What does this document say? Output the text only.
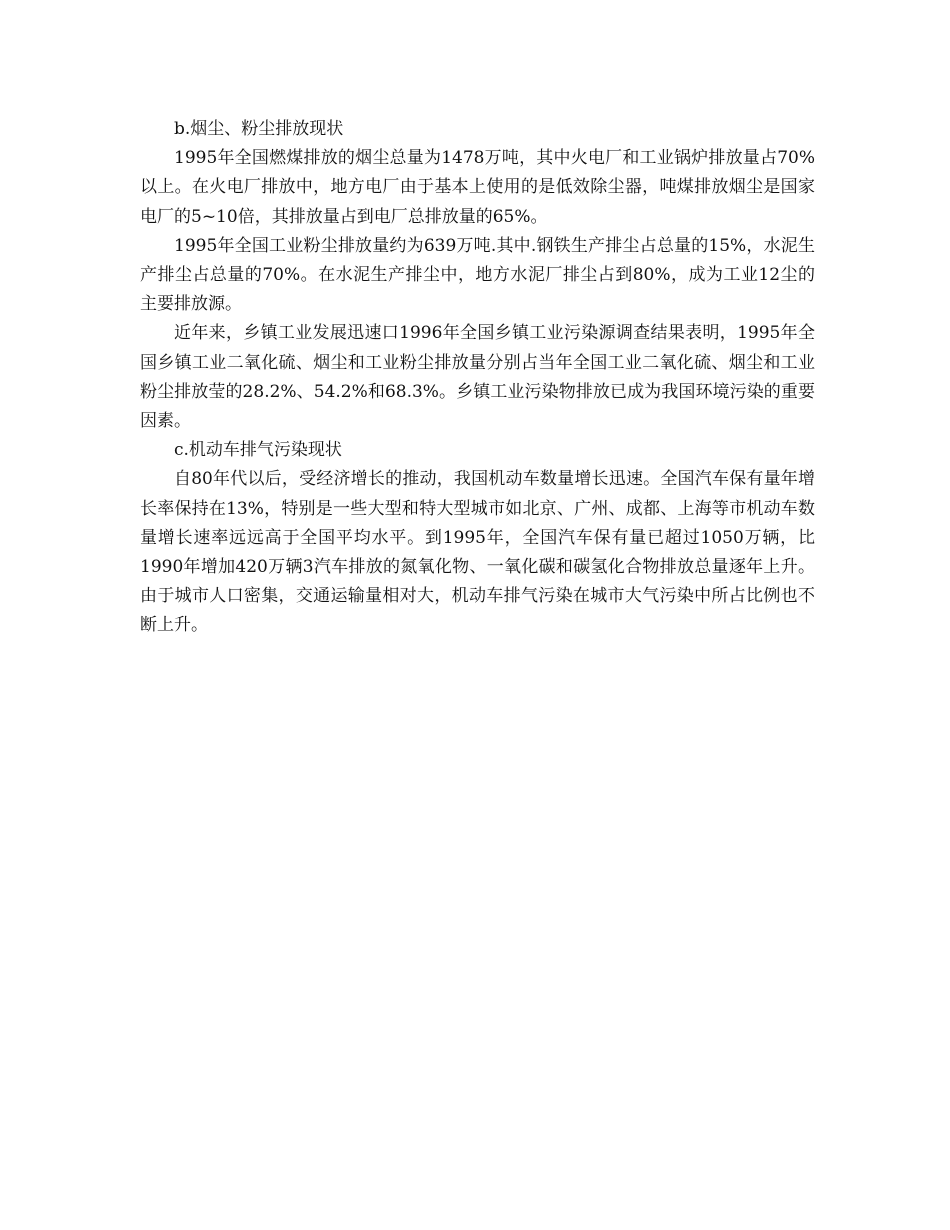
b.烟尘、粉尘排放现状

1995年全国燃煤排放的烟尘总量为1478万吨，其中火电厂和工业锅炉排放量占70%以上。在火电厂排放中，地方电厂由于基本上使用的是低效除尘器，吨煤排放烟尘是国家电厂的5~10倍，其排放量占到电厂总排放量的65%。

1995年全国工业粉尘排放量约为639万吨.其中.钢铁生产排尘占总量的15%，水泥生产排尘占总量的70%。在水泥生产排尘中，地方水泥厂排尘占到80%，成为工业12尘的主要排放源。

近年来，乡镇工业发展迅速口1996年全国乡镇工业污染源调查结果表明，1995年全国乡镇工业二氧化硫、烟尘和工业粉尘排放量分别占当年全国工业二氧化硫、烟尘和工业粉尘排放莹的28.2%、54.2%和68.3%。乡镇工业污染物排放已成为我国环境污染的重要因素。

c.机动车排气污染现状

自80年代以后，受经济增长的推动，我国机动车数量增长迅速。全国汽车保有量年增长率保持在13%，特别是一些大型和特大型城市如北京、广州、成都、上海等市机动车数量增长速率远远高于全国平均水平。到1995年，全国汽车保有量已超过1050万辆，比1990年增加420万辆3汽车排放的氮氧化物、一氧化碳和碳氢化合物排放总量逐年上升。由于城市人口密集，交通运输量相对大，机动车排气污染在城市大气污染中所占比例也不断上升。
